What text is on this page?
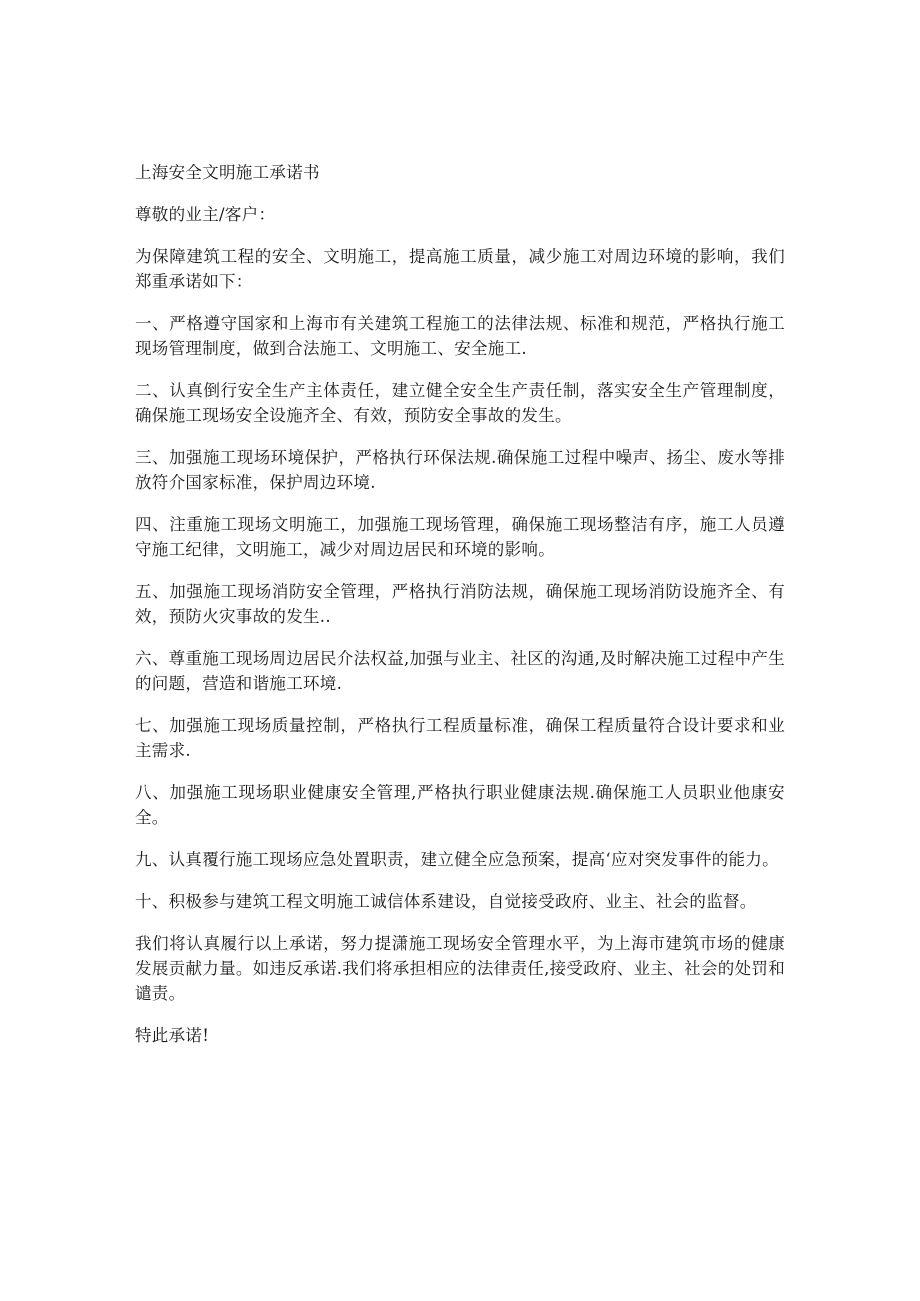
上海安全文明施工承诺书

尊敬的业主/客户：

为保障建筑工程的安全、文明施工，提高施工质量，减少施工对周边环境的影响，我们郑重承诺如下：

一、严格遵守国家和上海市有关建筑工程施工的法律法规、标准和规范，严格执行施工现场管理制度，做到合法施工、文明施工、安全施工.

二、认真倒行安全生产主体责任，建立健全安全生产责任制，落实安全生产管理制度，确保施工现场安全设施齐全、有效，预防安全事故的发生。

三、加强施工现场环境保护，严格执行环保法规.确保施工过程中噪声、扬尘、废水等排放符介国家标准，保护周边环境.

四、注重施工现场文明施工，加强施工现场管理，确保施工现场整洁有序，施工人员遵守施工纪律，文明施工，减少对周边居民和环境的影响。

五、加强施工现场消防安全管理，严格执行消防法规，确保施工现场消防设施齐全、有效，预防火灾事故的发生..

六、尊重施工现场周边居民介法权益,加强与业主、社区的沟通,及时解决施工过程中产生的问题，营造和谐施工环境.

七、加强施工现场质量控制，严格执行工程质量标准，确保工程质量符合设计要求和业主需求.

八、加强施工现场职业健康安全管理,严格执行职业健康法规.确保施工人员职业他康安全。

九、认真覆行施工现场应急处置职责，建立健全应急预案，提高‘应对突发事件的能力。

十、积极参与建筑工程文明施工诚信体系建设，自觉接受政府、业主、社会的监督。

我们将认真履行以上承诺，努力提潇施工现场安全管理水平，为上海市建筑市场的健康发展贡献力量。如违反承诺.我们将承担相应的法律责任,接受政府、业主、社会的处罚和谴责。

特此承诺!
